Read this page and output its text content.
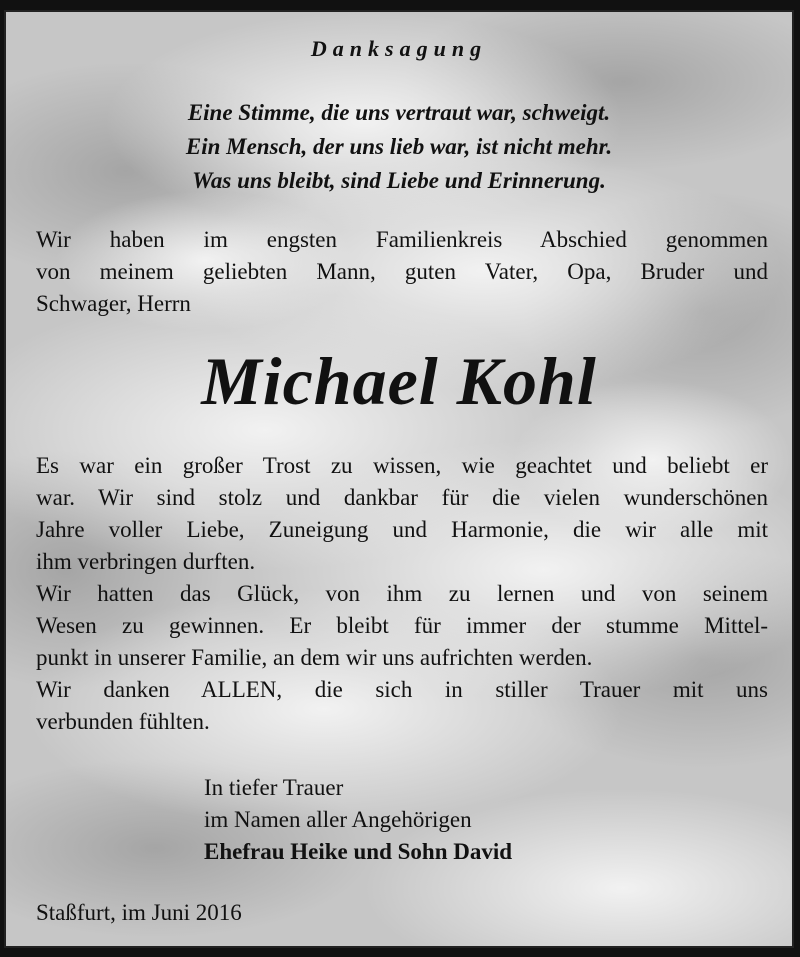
Danksagung
Eine Stimme, die uns vertraut war, schweigt.
Ein Mensch, der uns lieb war, ist nicht mehr.
Was uns bleibt, sind Liebe und Erinnerung.
Wir haben im engsten Familienkreis Abschied genommen
von meinem geliebten Mann, guten Vater, Opa, Bruder und
Schwager, Herrn
Michael Kohl
Es war ein großer Trost zu wissen, wie geachtet und beliebt er
war. Wir sind stolz und dankbar für die vielen wunderschönen
Jahre voller Liebe, Zuneigung und Harmonie, die wir alle mit
ihm verbringen durften.
Wir hatten das Glück, von ihm zu lernen und von seinem
Wesen zu gewinnen. Er bleibt für immer der stumme Mittel-
punkt in unserer Familie, an dem wir uns aufrichten werden.
Wir danken ALLEN, die sich in stiller Trauer mit uns
verbunden fühlten.
In tiefer Trauer
im Namen aller Angehörigen
Ehefrau Heike und Sohn David
Staßfurt, im Juni 2016
